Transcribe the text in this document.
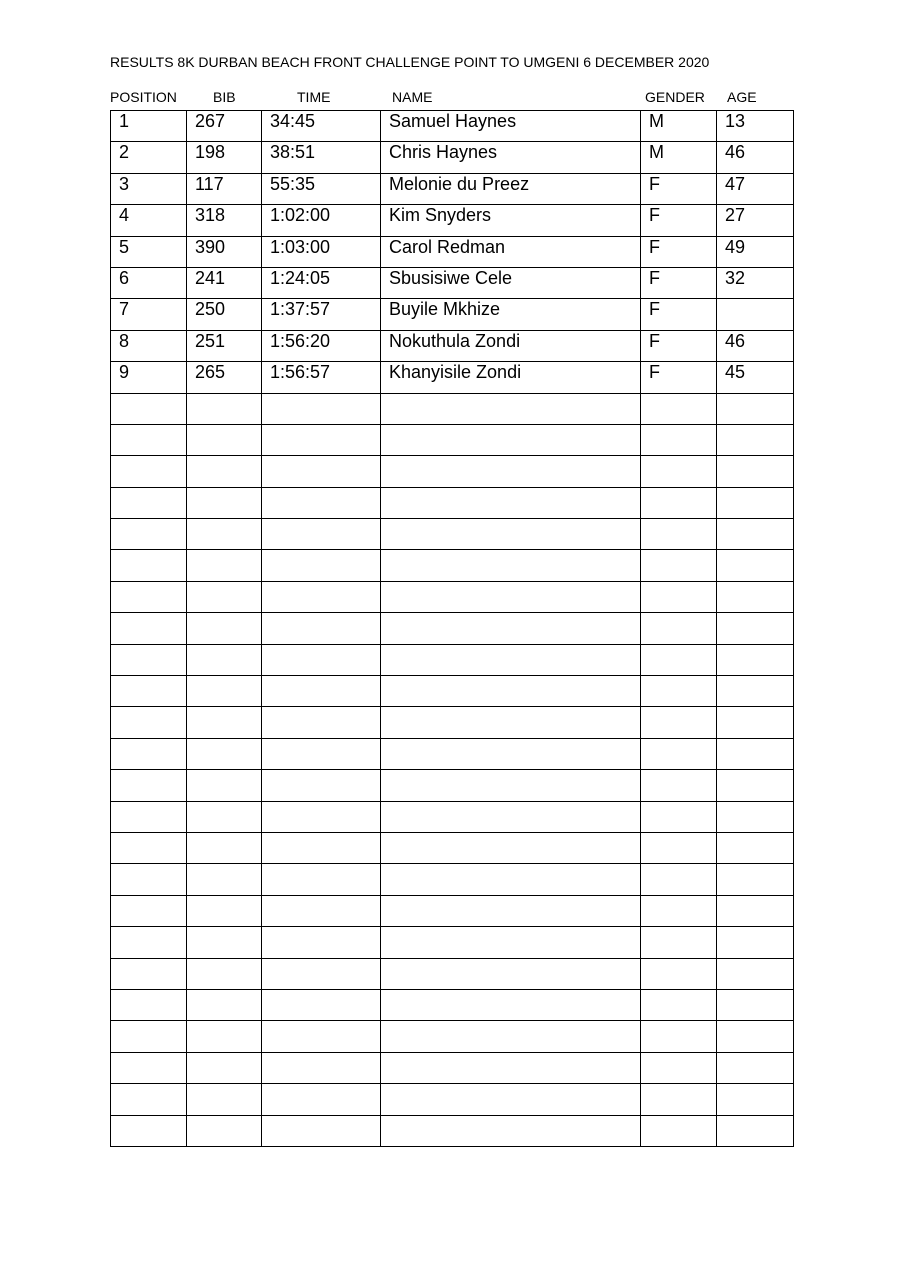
RESULTS 8K DURBAN BEACH FRONT CHALLENGE POINT TO UMGENI 6 DECEMBER 2020
POSITION	BIB	TIME	NAME	GENDER AGE
1	267	34:45	Samuel Haynes	M	13
2	198	38:51	Chris Haynes	M	46
3	117	55:35	Melonie du Preez	F	47
4	318	1:02:00	Kim Snyders	F	27
5	390	1:03:00	Carol Redman	F	49
6	241	1:24:05	Sbusisiwe Cele	F	32
7	250	1:37:57	Buyile Mkhize	F	
8	251	1:56:20	Nokuthula Zondi	F	46
9	265	1:56:57	Khanyisile Zondi	F	45
